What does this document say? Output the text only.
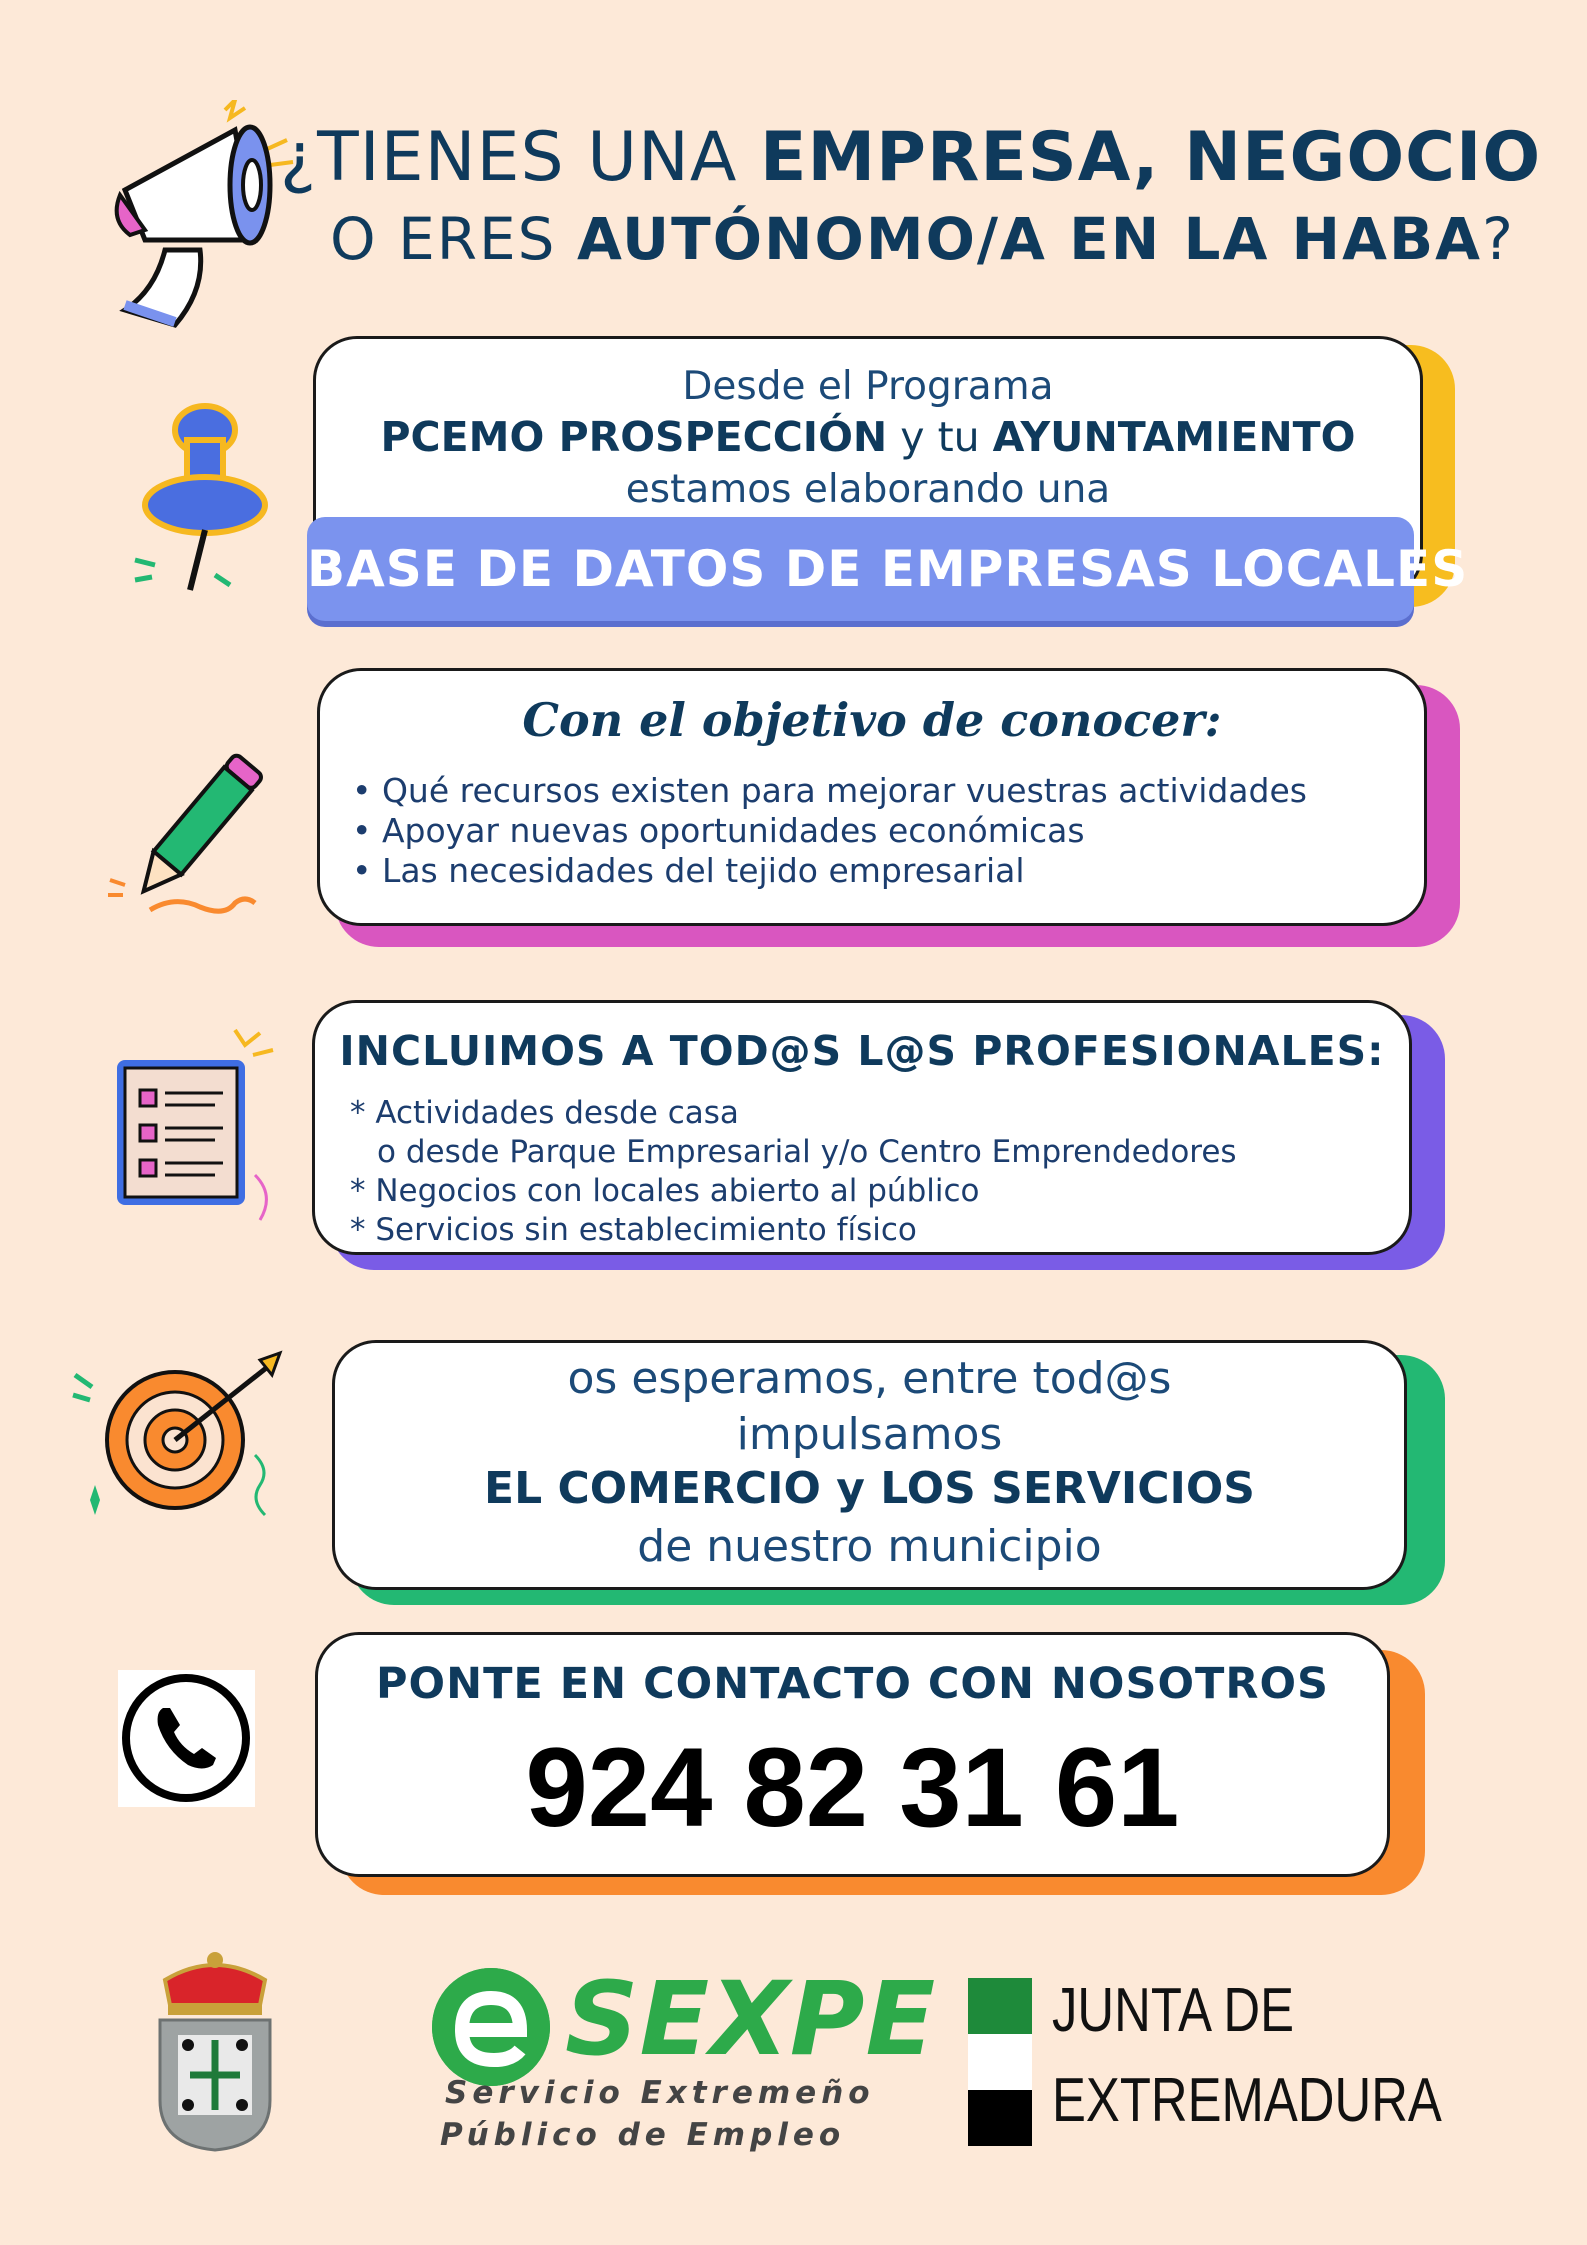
¿TIENES UNA EMPRESA, NEGOCIO
O ERES AUTÓNOMO/A EN LA HABA?
Desde el Programa
PCEMO PROSPECCIÓN y tu AYUNTAMIENTO
estamos elaborando una
BASE DE DATOS DE EMPRESAS LOCALES
Con el objetivo de conocer:
• Qué recursos existen para mejorar vuestras actividades
• Apoyar nuevas oportunidades económicas
• Las necesidades del tejido empresarial
INCLUIMOS A TOD@S L@S PROFESIONALES:
* Actividades desde casa
o desde Parque Empresarial y/o Centro Emprendedores
* Negocios con locales abierto al público
* Servicios sin establecimiento físico
os esperamos, entre tod@s
impulsamos
EL COMERCIO y LOS SERVICIOS
de nuestro municipio
PONTE EN CONTACTO CON NOSOTROS
924 82 31 61
SEXPE
Servicio Extremeño
Público de Empleo
JUNTA DE
EXTREMADURA
